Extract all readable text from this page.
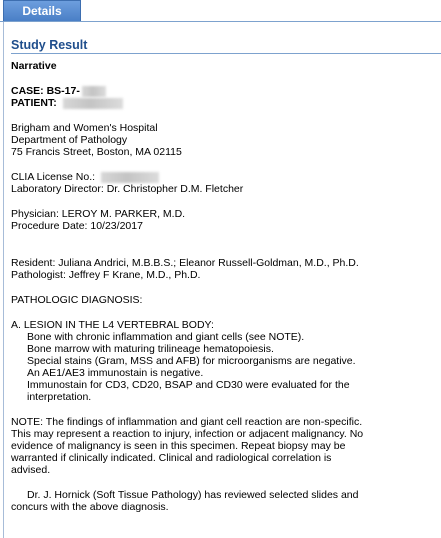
Details
Study Result
Narrative
CASE: BS-17-
PATIENT:
Brigham and Women's Hospital
Department of Pathology
75 Francis Street, Boston, MA 02115
CLIA License No.:
Laboratory Director: Dr. Christopher D.M. Fletcher
Physician: LEROY M. PARKER, M.D.
Procedure Date: 10/23/2017
Resident: Juliana Andrici, M.B.B.S.; Eleanor Russell-Goldman, M.D., Ph.D.
Pathologist: Jeffrey F Krane, M.D., Ph.D.
PATHOLOGIC DIAGNOSIS:
A. LESION IN THE L4 VERTEBRAL BODY:
Bone with chronic inflammation and giant cells (see NOTE).
Bone marrow with maturing trilineage hematopoiesis.
Special stains (Gram, MSS and AFB) for microorganisms are negative.
An AE1/AE3 immunostain is negative.
Immunostain for CD3, CD20, BSAP and CD30 were evaluated for the
interpretation.
NOTE: The findings of inflammation and giant cell reaction are non-specific.
This may represent a reaction to injury, infection or adjacent malignancy. No
evidence of malignancy is seen in this specimen. Repeat biopsy may be
warranted if clinically indicated. Clinical and radiological correlation is
advised.
Dr. J. Hornick (Soft Tissue Pathology) has reviewed selected slides and
concurs with the above diagnosis.
